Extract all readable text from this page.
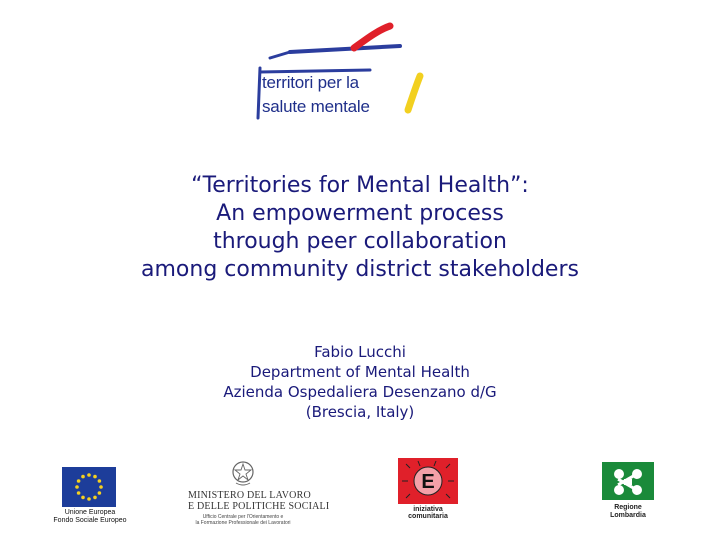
territori per la
salute mentale
“Territories for Mental Health”:
An empowerment process
through peer collaboration
among community district stakeholders
Fabio Lucchi
Department of Mental Health
Azienda Ospedaliera Desenzano d/G
(Brescia, Italy)
Unione Europea
Fondo Sociale Europeo
MINISTERO DEL LAVORO
E DELLE POLITICHE SOCIALI
Ufficio Centrale per l'Orientamento e
la Formazione Professionale dei Lavoratori
E
iniziativa
comunitaria
Regione
Lombardia
